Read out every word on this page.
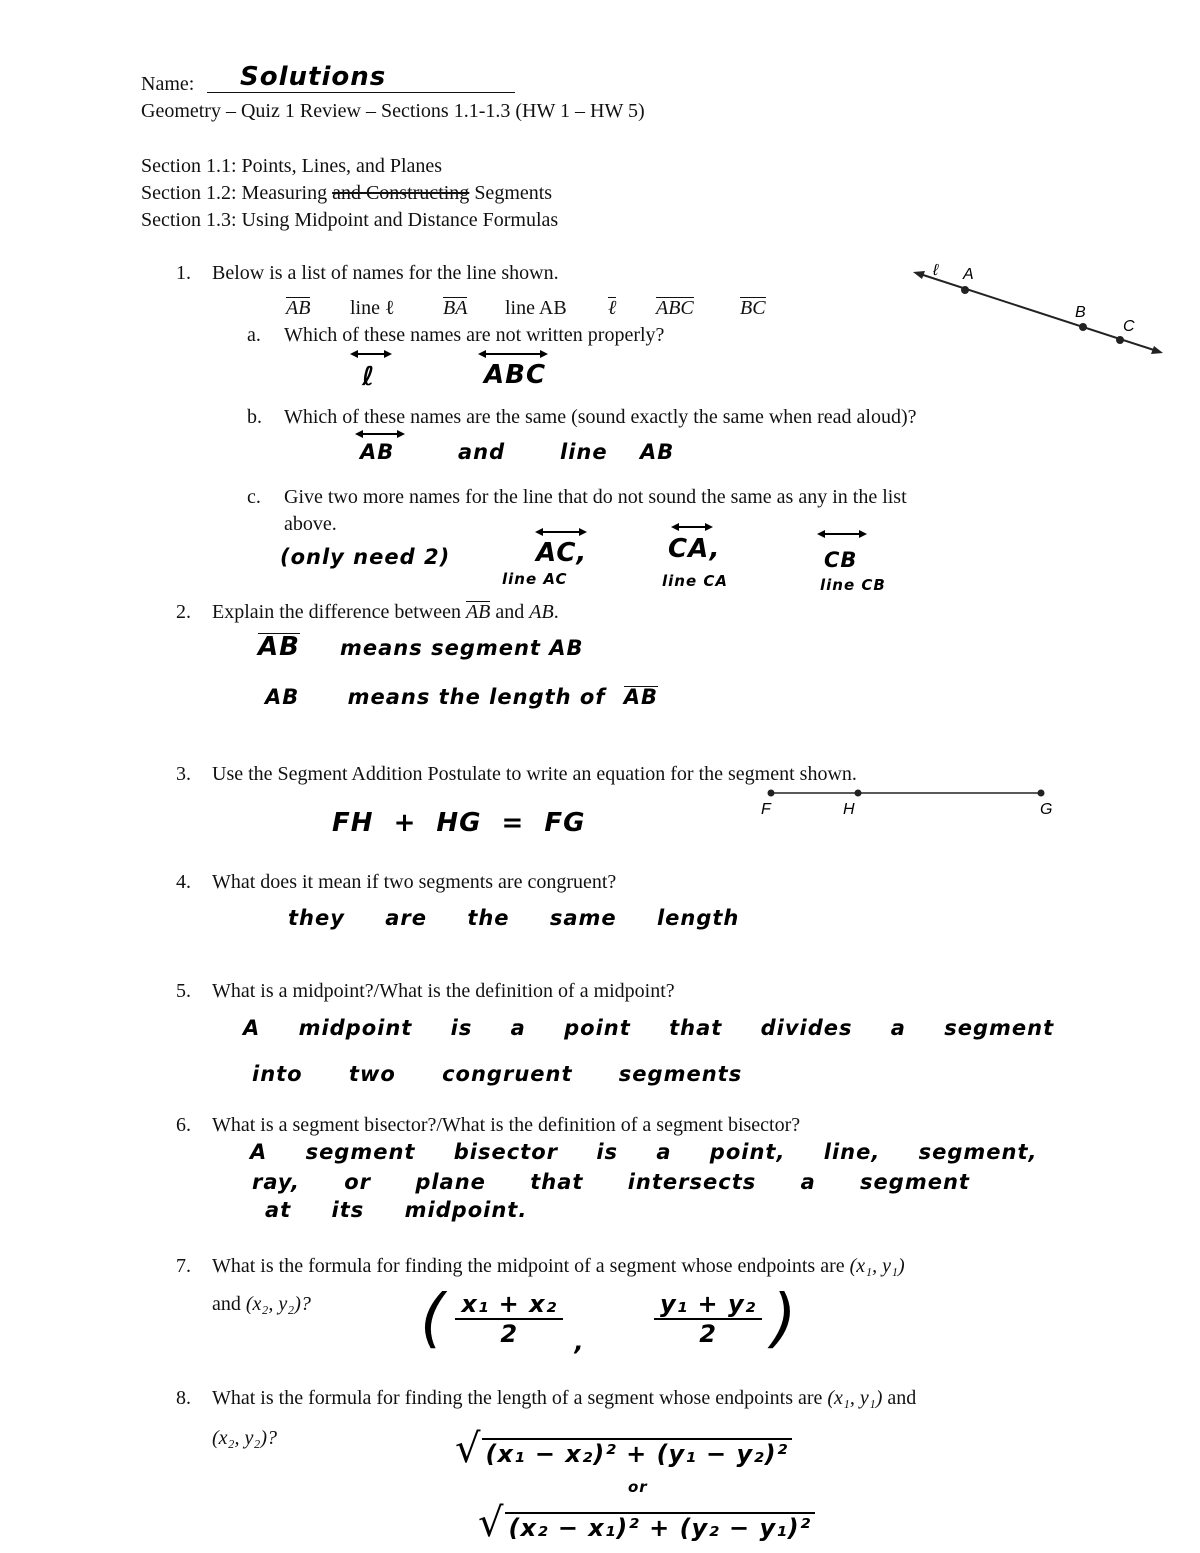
Name: Solutions
Geometry – Quiz 1 Review – Sections 1.1-1.3 (HW 1 – HW 5)
Section 1.1: Points, Lines, and Planes
Section 1.2: Measuring and Constructing Segments
Section 1.3: Using Midpoint and Distance Formulas
1. Below is a list of names for the line shown.	ℓ A
B
C
AB line ℓ BA line AB ℓ ABC BC
a. Which of these names are not written properly?
ℓ	ABC
b. Which of these names are the same (sound exactly the same when read aloud)?
AB	and	line AB
c. Give two more names for the line that do not sound the same as any in the list
above.
(only need 2)	AC,
line AC
CA,
line CA
CB
line CB
2. Explain the difference between AB and AB.
AB means segment AB
AB means the length of AB
3. Use the Segment Addition Postulate to write an equation for the segment shown.
F	H	G
FH + HG = FG
4. What does it mean if two segments are congruent?
they are the same length
5. What is a midpoint?/What is the definition of a midpoint?
A midpoint is a point that divides a segment
into two congruent segments
6. What is a segment bisector?/What is the definition of a segment bisector?
A segment bisector is a point, line, segment,
ray, or plane that intersects a segment
at its midpoint.
7. What is the formula for finding the midpoint of a segment whose endpoints are (x₁, y₁)
and (x₂, y₂)? ( $\frac{\text{x₁ + x₂}}{2}$ ,	$\frac{\text{y₁ + y₂}}{2}$ )
8. What is the formula for finding the length of a segment whose endpoints are (x₁, y₁) and
(x₂, y₂)?	√ (x₁ − x₂)² + (y₁ − y₂)²
or
√ (x₂ − x₁)² + (y₂ − y₁)²
